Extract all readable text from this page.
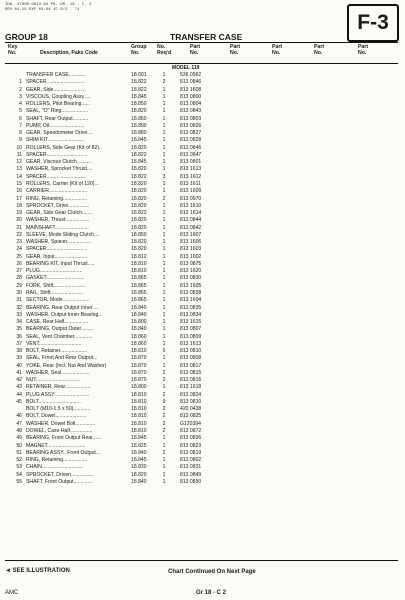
ID9. 27000-0013.04 PG. GR. 18 . C. 2
REV 04.15 EXP 03.24 JC 0/2 . 74
F-3
GROUP 18	TRANSFER CASE
Key
No.	Description, Paks Code
Group
No.
No.
Req'd
Part
No.
Part
No.
Part
No.
Part
No.
Part
No.
MODEL 119
TRANSFER CASE............	18.001	1	536 0962
1 SPACER...........................	18.822	2	813 0846
2 GEAR, Side.......................	18.822	1	813 1608
3 VISCOUS, Coupling Assy.....	18.845	1	813 0800
4 ROLLERS, Pilot Bearing......	18.850	1	813 0804
5 SEAL, "O" Ring...................	18.820	1	813 0843
6 SHAFT, Rear Output...........	18.850	1	813 0803
7 PUMP, Oil.........................	18.890	1	813 0826
8 GEAR, Speedometer Drive....	18.880	1	813 0827
9 SHIM KIT..........................	18.845	1	813 0828
10 ROLLERS, Side Gear (Kit of 82)..	18.820	1	813 0846
11 SPACER............................	18.822	1	813 0847
12 GEAR, Viscous Clutch..........	18.845	1	813 0801
13 WASHER, Sprocket Thrust....	18.820	1	813 1613
14 SPACER............................	18.822	3	813 1612
15 ROLLERS, Carrier (Kit of 120)...	18.820	1	813 1611
16 CARRIER...........................	18.820	1	813 1609
17 RING, Retaining.................	18.820	2	813 0970
18 SPROCKET, Drive...............	18.820	1	813 1610
19 GEAR, Side Gear Clutch.......	18.822	1	813 1614
20 WASHER, Thrust.................	18.820	1	813 0844
21 MAINSHAFT........................	18.820	1	813 0842
22 SLEEVE, Mode Sliding Clutch....	18.850	1	813 1607
23 WASHER, Spacer.................	18.820	1	813 1606
24 SPACER............................	18.820	1	813 1603
25 GEAR, Input.......................	18.812	1	813 1602
26 BEARING KIT, Input Thrust.....	18.810	1	813 0875
27 PLUG..............................	18.810	1	813 1620
28 GASKET...........................	18.865	1	813 0830
29 FORK, Shift.......................	18.865	1	813 1605
30 RAIL, Shift.......................	18.865	1	813 0838
31 SECTOR, Mode...................	18.865	1	813 1604
32 BEARING, Rear Output Inner....	18.840	1	813 0835
33 WASHER, Output Inner Bearing..	18.840	1	813 0834
34 CASE, Rear Half.................	18.800	1	813 1615
35 BEARING, Output Outer.........	18.840	1	813 0807
36 SEAL, Vent Chamber.............	18.860	1	813 0809
37 VENT..............................	18.860	1	813 1613
38 BOLT, Retainer...................	18.810	6	813 0810
39 SEAL, Front And Rear Output...	18.870	1	813 0808
40 YOKE, Rear (Incl. Nut And Washer)	18.870	1	813 0817
41 WASHER, Seal....................	18.870	2	813 0815
42 NUT...............................	18.870	2	813 0816
43 RETAINER, Rear..................	18.800	1	813 1618
44 PLUG ASSY.........................	18.810	2	813 0824
45 BOLT..............................	18.810	9	813 0810
BOLT (M10-1.5 x 50)............	18.810	2	420 0438
46 BOLT, Dowel......................	18.810	2	813 0825
47 WASHER, Dowel Bolt..............	18.810	2	G120394
48 DOWEL, Case Half................	18.810	2	813 0872
49 BEARING, Front Output Rear......	18.845	1	813 0836
50 MAGNET...........................	18.825	1	813 0823
51 BEARING ASSY., Front Output...	18.840	2	813 0819
52 RING, Retaining.................	18.845	1	813 0802
53 CHAIN.............................	18.830	1	813 0831
54 SPROCKET, Driven................	18.820	1	813 0849
55 SHAFT, Front Output.............	18.840	1	813 0850
◄ SEE ILLUSTRATION	Chart Continued On Next Page
AMC	Gr 18 - C 2
